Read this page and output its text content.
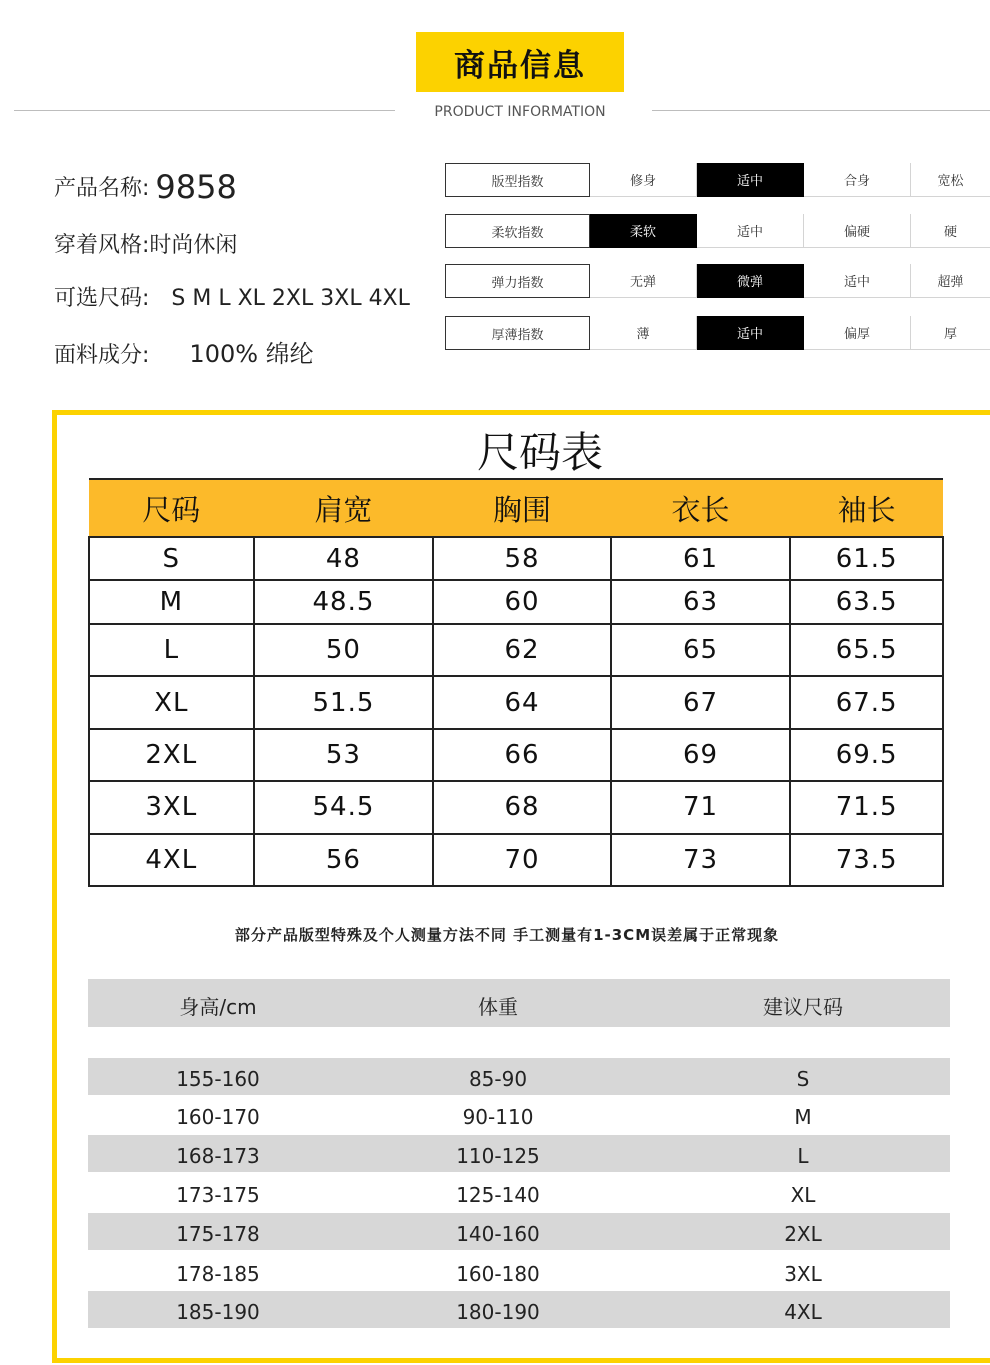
商品信息
PRODUCT INFORMATION
产品名称: 9858
穿着风格:时尚休闲
可选尺码: S M L XL 2XL 3XL 4XL
面料成分: 100% 绵纶
版型指数	修身	适中	合身	宽松
柔软指数	柔软	适中	偏硬	硬
弹力指数	无弹	微弹	适中	超弹
厚薄指数	薄	适中	偏厚	厚
尺码表
尺码	肩宽	胸围	衣长	袖长
S	48	58	61	61.5
M	48.5	60	63	63.5
L	50	62	65	65.5
XL	51.5	64	67	67.5
2XL	53	66	69	69.5
3XL	54.5	68	71	71.5
4XL	56	70	73	73.5
部分产品版型特殊及个人测量方法不同 手工测量有1-3CM误差属于正常现象
身高/cm	体重	建议尺码
155-160	85-90	S
160-170	90-110	M
168-173	110-125	L
173-175	125-140	XL
175-178	140-160	2XL
178-185	160-180	3XL
185-190	180-190	4XL
